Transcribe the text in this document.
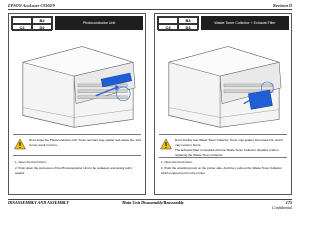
EPSON AcuLaser C9100/9	Revision D
B2
C2	D2
Photoconductor Unit

Don't leave the Photoconductor Unit. Toner remnant may spatter and cause fire. And

It may result in burns.

1. Open the Front Door.

2. Push down the protrusion of the Photoconductor Unit to be replaced, and slowly pull it

toward.

B3
C3	D3
Waste Toner Collector + Exhaust Filter

Don't forcibly tear Waste Toner Collector. Toner may spatter and cause fire. And It

may result in burns.

The Exhaust Filter is supplied with the Waste Toner Collector. Replace it when

replacing the Waste Toner Collector.

1. Open the Front Door.

2. Push the unlocking knob on the printer side. And then, pull out the Waste Toner Collector

which popped up from the printer.

DISASSEMBLY AND ASSEMBLY	Main Unit Disassembly/Reassembly	175
Confidential
